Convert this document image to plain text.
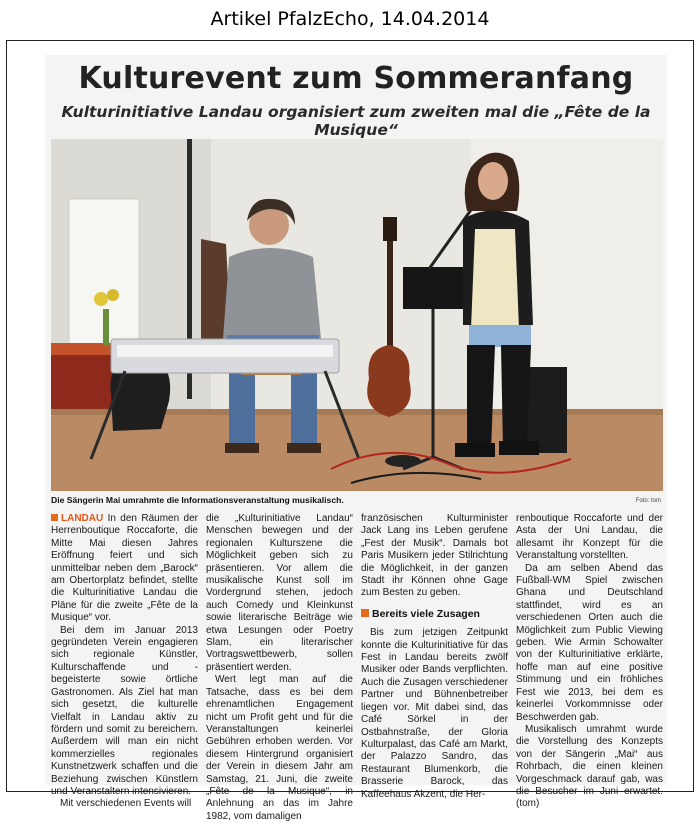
Artikel PfalzEcho, 14.04.2014
Kulturevent zum Sommeranfang
Kulturinitiative Landau organisiert zum zweiten mal die „Fête de la Musique“
Die Sängerin Mai umrahmte die Informationsveranstaltung musikalisch.	Foto: tom

LANDAU In den Räumen der Herrenboutique Roccaforte, die Mitte Mai diesen Jahres Eröffnung feiert und sich unmittelbar neben dem „Barock“ am Obertorplatz befindet, stellte die Kulturinitiative Landau die Pläne für die zweite „Fête de la Musique“ vor.

Bei dem im Januar 2013 gegründeten Verein engagieren sich regionale Künstler, Kulturschaffende und -begeisterte sowie örtliche Gastronomen. Als Ziel hat man sich gesetzt, die kulturelle Vielfalt in Landau aktiv zu fördern und somit zu bereichern. Außerdem will man ein nicht kommerzielles regionales Kunstnetzwerk schaffen und die Beziehung zwischen Künstlern und Veranstaltern intensivieren.

Mit verschiedenen Events will

die „Kulturinitiative Landau“ Menschen bewegen und der regionalen Kulturszene die Möglichkeit geben sich zu präsentieren. Vor allem die musikalische Kunst soll im Vordergrund stehen, jedoch auch Comedy und Kleinkunst sowie literarische Beiträge wie etwa Lesungen oder Poetry Slam, ein literarischer Vortragswettbewerb, sollen präsentiert werden.

Wert legt man auf die Tatsache, dass es bei dem ehrenamtlichen Engagement nicht um Profit geht und für die Veranstaltungen keinerlei Gebühren erhoben werden. Vor diesem Hintergrund organisiert der Verein in diesem Jahr am Samstag, 21. Juni, die zweite „Fête de la Musique“, in Anlehnung an das im Jahre 1982, vom damaligen

französischen Kulturminister Jack Lang ins Leben gerufene „Fest der Musik“. Damals bot Paris Musikern jeder Stilrichtung die Möglichkeit, in der ganzen Stadt ihr Können ohne Gage zum Besten zu geben.

Bereits viele Zusagen

Bis zum jetzigen Zeitpunkt konnte die Kulturinitiative für das Fest in Landau bereits zwölf Musiker oder Bands verpflichten. Auch die Zusagen verschiedener Partner und Bühnenbetreiber liegen vor. Mit dabei sind, das Café Sörkel in der Ostbahnstraße, der Gloria Kulturpalast, das Café am Markt, der Palazzo Sandro, das Restaurant Blumenkorb, die Brasserie Barock, das Kaffeehaus Akzent, die Her-

renboutique Roccaforte und der Asta der Uni Landau, die allesamt ihr Konzept für die Veranstaltung vorstellten.

Da am selben Abend das Fußball-WM Spiel zwischen Ghana und Deutschland stattfindet, wird es an verschiedenen Orten auch die Möglichkeit zum Public Viewing geben. Wie Armin Schowalter von der Kulturinitiative erklärte, hoffe man auf eine positive Stimmung und ein fröhliches Fest wie 2013, bei dem es keinerlei Vorkommnisse oder Beschwerden gab.

Musikalisch umrahmt wurde die Vorstellung des Konzepts von der Sängerin „Mai“ aus Rohrbach, die einen kleinen Vorgeschmack darauf gab, was die Besucher im Juni erwartet. (tom)
